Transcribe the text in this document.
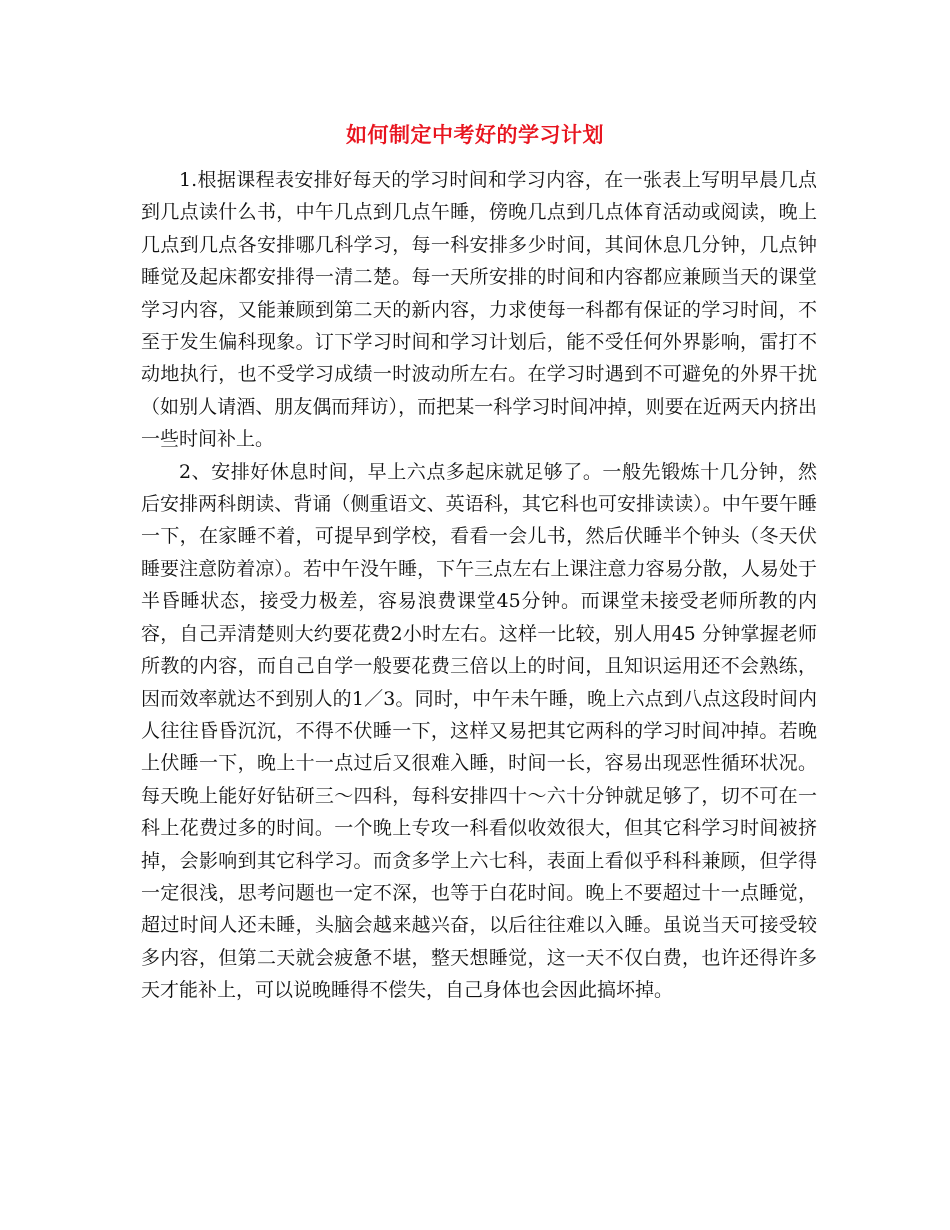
如何制定中考好的学习计划

1.根据课程表安排好每天的学习时间和学习内容，在一张表上写明早晨几点到几点读什么书，中午几点到几点午睡，傍晚几点到几点体育活动或阅读，晚上几点到几点各安排哪几科学习，每一科安排多少时间，其间休息几分钟，几点钟睡觉及起床都安排得一清二楚。每一天所安排的时间和内容都应兼顾当天的课堂学习内容，又能兼顾到第二天的新内容，力求使每一科都有保证的学习时间，不至于发生偏科现象。订下学习时间和学习计划后，能不受任何外界影响，雷打不动地执行，也不受学习成绩一时波动所左右。在学习时遇到不可避免的外界干扰（如别人请酒、朋友偶而拜访），而把某一科学习时间冲掉，则要在近两天内挤出一些时间补上。

2、安排好休息时间，早上六点多起床就足够了。一般先锻炼十几分钟，然后安排两科朗读、背诵（侧重语文、英语科，其它科也可安排读读）。中午要午睡一下，在家睡不着，可提早到学校，看看一会儿书，然后伏睡半个钟头（冬天伏睡要注意防着凉）。若中午没午睡，下午三点左右上课注意力容易分散，人易处于半昏睡状态，接受力极差，容易浪费课堂45分钟。而课堂未接受老师所教的内容，自己弄清楚则大约要花费2小时左右。这样一比较，别人用45 分钟掌握老师所教的内容，而自己自学一般要花费三倍以上的时间，且知识运用还不会熟练，因而效率就达不到别人的1／3。同时，中午未午睡，晚上六点到八点这段时间内人往往昏昏沉沉，不得不伏睡一下，这样又易把其它两科的学习时间冲掉。若晚上伏睡一下，晚上十一点过后又很难入睡，时间一长，容易出现恶性循环状况。每天晚上能好好钻研三～四科，每科安排四十～六十分钟就足够了，切不可在一科上花费过多的时间。一个晚上专攻一科看似收效很大，但其它科学习时间被挤掉，会影响到其它科学习。而贪多学上六七科，表面上看似乎科科兼顾，但学得一定很浅，思考问题也一定不深，也等于白花时间。晚上不要超过十一点睡觉，超过时间人还未睡，头脑会越来越兴奋，以后往往难以入睡。虽说当天可接受较多内容，但第二天就会疲惫不堪，整天想睡觉，这一天不仅白费，也许还得许多天才能补上，可以说晚睡得不偿失，自己身体也会因此搞坏掉。
